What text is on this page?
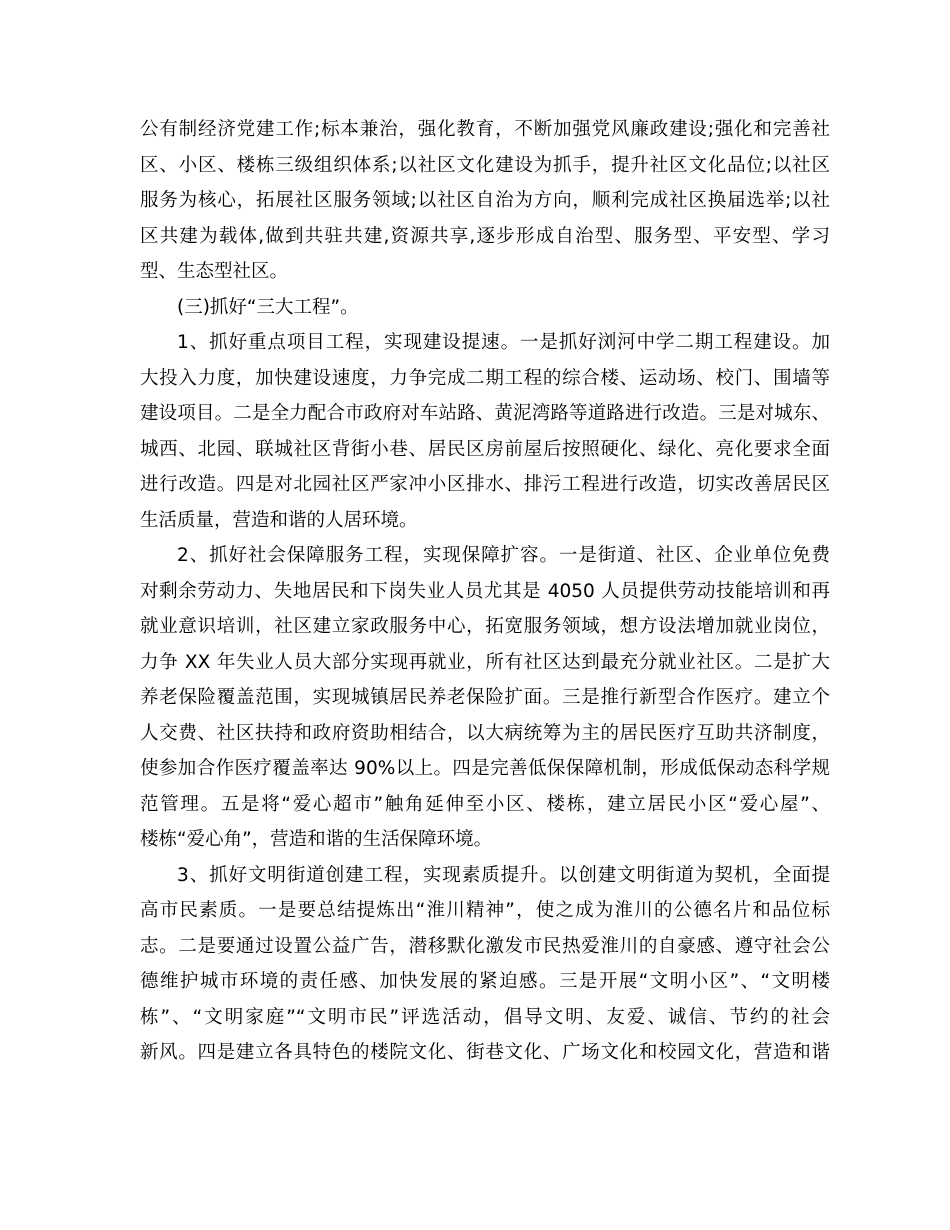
公有制经济党建工作;标本兼治，强化教育，不断加强党风廉政建设;强化和完善社
区、小区、楼栋三级组织体系;以社区文化建设为抓手，提升社区文化品位;以社区
服务为核心，拓展社区服务领域;以社区自治为方向，顺利完成社区换届选举;以社
区共建为载体,做到共驻共建,资源共享,逐步形成自治型、服务型、平安型、学习
型、生态型社区。
(三)抓好“三大工程”。
1、抓好重点项目工程，实现建设提速。一是抓好浏河中学二期工程建设。加
大投入力度，加快建设速度，力争完成二期工程的综合楼、运动场、校门、围墙等
建设项目。二是全力配合市政府对车站路、黄泥湾路等道路进行改造。三是对城东、
城西、北园、联城社区背街小巷、居民区房前屋后按照硬化、绿化、亮化要求全面
进行改造。四是对北园社区严家冲小区排水、排污工程进行改造，切实改善居民区
生活质量，营造和谐的人居环境。
2、抓好社会保障服务工程，实现保障扩容。一是街道、社区、企业单位免费
对剩余劳动力、失地居民和下岗失业人员尤其是 4050 人员提供劳动技能培训和再
就业意识培训，社区建立家政服务中心，拓宽服务领域，想方设法增加就业岗位，
力争 XX 年失业人员大部分实现再就业，所有社区达到最充分就业社区。二是扩大
养老保险覆盖范围，实现城镇居民养老保险扩面。三是推行新型合作医疗。建立个
人交费、社区扶持和政府资助相结合，以大病统筹为主的居民医疗互助共济制度，
使参加合作医疗覆盖率达 90%以上。四是完善低保保障机制，形成低保动态科学规
范管理。五是将“爱心超市”触角延伸至小区、楼栋，建立居民小区“爱心屋”、
楼栋“爱心角”，营造和谐的生活保障环境。
3、抓好文明街道创建工程，实现素质提升。以创建文明街道为契机，全面提
高市民素质。一是要总结提炼出“淮川精神”，使之成为淮川的公德名片和品位标
志。二是要通过设置公益广告，潜移默化激发市民热爱淮川的自豪感、遵守社会公
德维护城市环境的责任感、加快发展的紧迫感。三是开展“文明小区”、“文明楼
栋”、“文明家庭”“文明市民”评选活动，倡导文明、友爱、诚信、节约的社会
新风。四是建立各具特色的楼院文化、街巷文化、广场文化和校园文化，营造和谐
